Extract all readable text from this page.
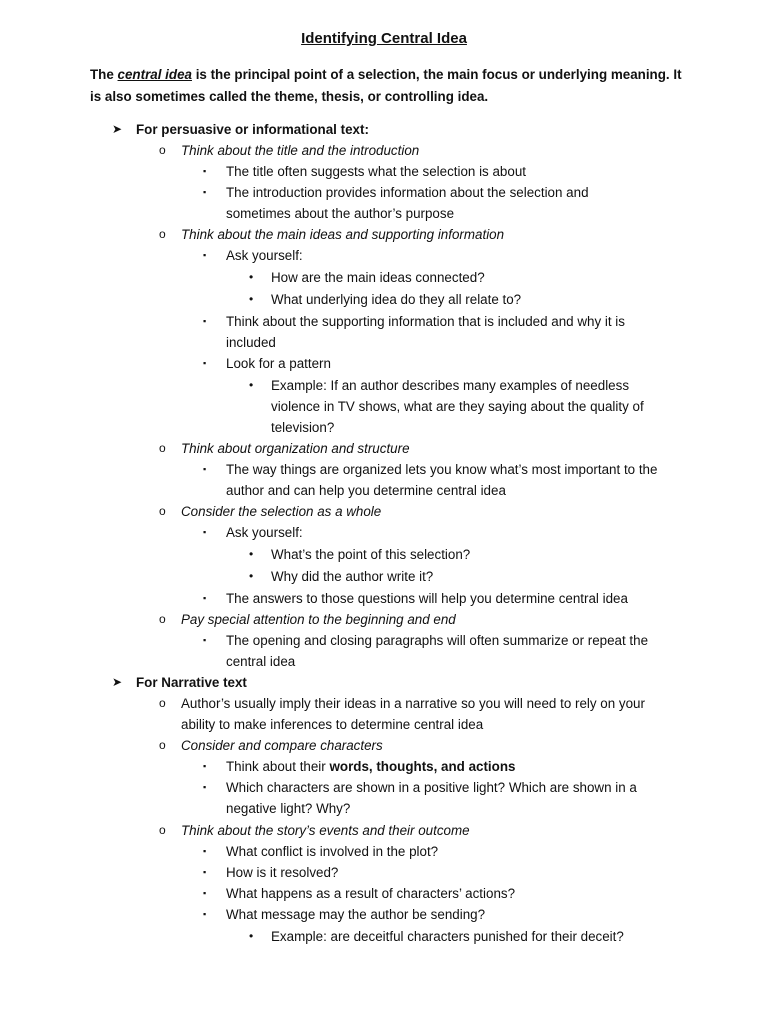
Identifying Central Idea
The central idea is the principal point of a selection, the main focus or underlying meaning. It
is also sometimes called the theme, thesis, or controlling idea.
➤ For persuasive or informational text:
o Think about the title and the introduction
▪ The title often suggests what the selection is about
▪ The introduction provides information about the selection and
sometimes about the author’s purpose
o Think about the main ideas and supporting information
▪ Ask yourself:
• How are the main ideas connected?
• What underlying idea do they all relate to?
▪ Think about the supporting information that is included and why it is
included
▪ Look for a pattern
• Example: If an author describes many examples of needless
violence in TV shows, what are they saying about the quality of
television?
o Think about organization and structure
▪ The way things are organized lets you know what’s most important to the
author and can help you determine central idea
o Consider the selection as a whole
▪ Ask yourself:
• What’s the point of this selection?
• Why did the author write it?
▪ The answers to those questions will help you determine central idea
o Pay special attention to the beginning and end
▪ The opening and closing paragraphs will often summarize or repeat the
central idea
➤ For Narrative text
o Author’s usually imply their ideas in a narrative so you will need to rely on your
ability to make inferences to determine central idea
o Consider and compare characters
▪ Think about their words, thoughts, and actions
▪ Which characters are shown in a positive light? Which are shown in a
negative light? Why?
o Think about the story’s events and their outcome
▪ What conflict is involved in the plot?
▪ How is it resolved?
▪ What happens as a result of characters’ actions?
▪ What message may the author be sending?
• Example: are deceitful characters punished for their deceit?
